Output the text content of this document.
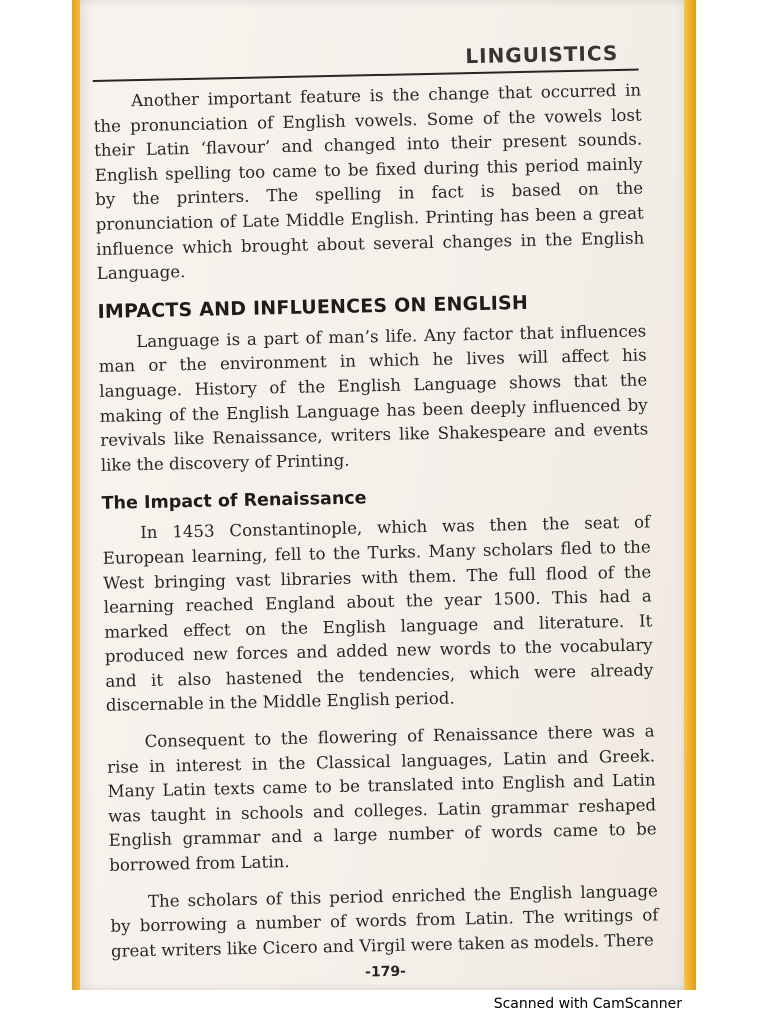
LINGUISTICS

Another important feature is the change that occurred in the pronunciation of English vowels. Some of the vowels lost their Latin ‘flavour’ and changed into their present sounds. English spelling too came to be fixed during this period mainly by the printers. The spelling in fact is based on the pronunciation of Late Middle English. Printing has been a great influence which brought about several changes in the English Language.

IMPACTS AND INFLUENCES ON ENGLISH

Language is a part of man’s life. Any factor that influences man or the environment in which he lives will affect his language. History of the English Language shows that the making of the English Language has been deeply influenced by revivals like Renaissance, writers like Shakespeare and events like the discovery of Printing.

The Impact of Renaissance

In 1453 Constantinople, which was then the seat of European learning, fell to the Turks. Many scholars fled to the West bringing vast libraries with them. The full flood of the learning reached England about the year 1500. This had a marked effect on the English language and literature. It produced new forces and added new words to the vocabulary and it also hastened the tendencies, which were already discernable in the Middle English period.

Consequent to the flowering of Renaissance there was a rise in interest in the Classical languages, Latin and Greek. Many Latin texts came to be translated into English and Latin was taught in schools and colleges. Latin grammar reshaped English grammar and a large number of words came to be borrowed from Latin.

The scholars of this period enriched the English language by borrowing a number of words from Latin. The writings of great writers like Cicero and Virgil were taken as models. There

-179-
Scanned with CamScanner
